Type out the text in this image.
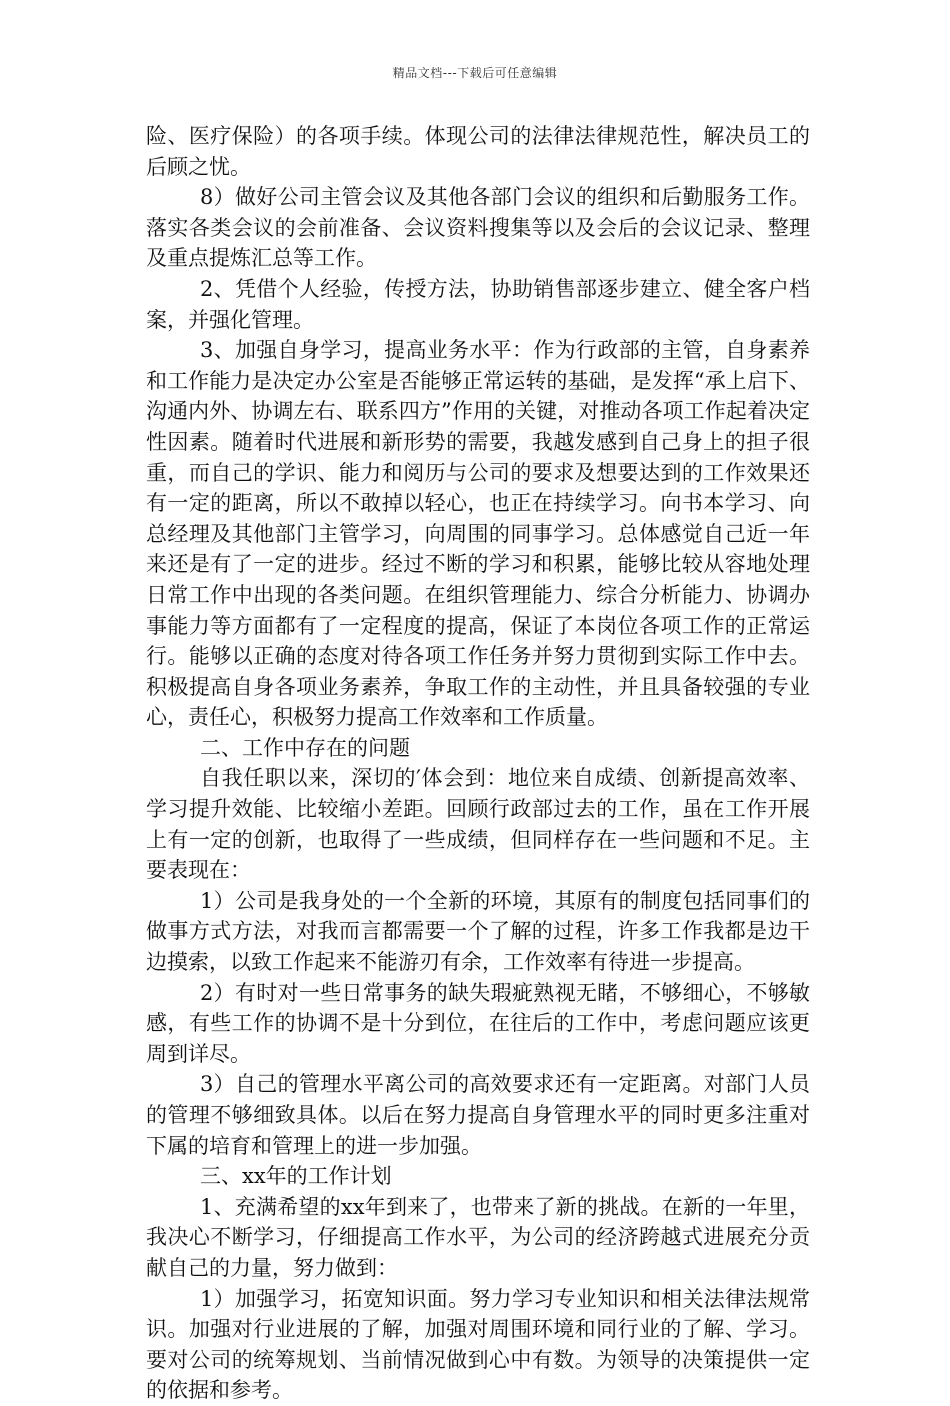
精品文档---下载后可任意编辑

险、医疗保险）的各项手续。体现公司的法律法律规范性，解决员工的后顾之忧。

8）做好公司主管会议及其他各部门会议的组织和后勤服务工作。落实各类会议的会前准备、会议资料搜集等以及会后的会议记录、整理及重点提炼汇总等工作。

2、凭借个人经验，传授方法，协助销售部逐步建立、健全客户档案，并强化管理。

3、加强自身学习，提高业务水平：作为行政部的主管，自身素养和工作能力是决定办公室是否能够正常运转的基础，是发挥“承上启下、沟通内外、协调左右、联系四方”作用的关键，对推动各项工作起着决定性因素。随着时代进展和新形势的需要，我越发感到自己身上的担子很重，而自己的学识、能力和阅历与公司的要求及想要达到的工作效果还有一定的距离，所以不敢掉以轻心，也正在持续学习。向书本学习、向总经理及其他部门主管学习，向周围的同事学习。总体感觉自己近一年来还是有了一定的进步。经过不断的学习和积累，能够比较从容地处理日常工作中出现的各类问题。在组织管理能力、综合分析能力、协调办事能力等方面都有了一定程度的提高，保证了本岗位各项工作的正常运行。能够以正确的态度对待各项工作任务并努力贯彻到实际工作中去。积极提高自身各项业务素养，争取工作的主动性，并且具备较强的专业心，责任心，积极努力提高工作效率和工作质量。

二、工作中存在的问题

自我任职以来，深切的′体会到：地位来自成绩、创新提高效率、学习提升效能、比较缩小差距。回顾行政部过去的工作，虽在工作开展上有一定的创新，也取得了一些成绩，但同样存在一些问题和不足。主要表现在：

1）公司是我身处的一个全新的环境，其原有的制度包括同事们的做事方式方法，对我而言都需要一个了解的过程，许多工作我都是边干边摸索，以致工作起来不能游刃有余，工作效率有待进一步提高。

2）有时对一些日常事务的缺失瑕疵熟视无睹，不够细心，不够敏感，有些工作的协调不是十分到位，在往后的工作中，考虑问题应该更周到详尽。

3）自己的管理水平离公司的高效要求还有一定距离。对部门人员的管理不够细致具体。以后在努力提高自身管理水平的同时更多注重对下属的培育和管理上的进一步加强。

三、xx年的工作计划

1、充满希望的xx年到来了，也带来了新的挑战。在新的一年里，我决心不断学习，仔细提高工作水平，为公司的经济跨越式进展充分贡献自己的力量，努力做到：

1）加强学习，拓宽知识面。努力学习专业知识和相关法律法规常识。加强对行业进展的了解，加强对周围环境和同行业的了解、学习。要对公司的统筹规划、当前情况做到心中有数。为领导的决策提供一定的依据和参考。
